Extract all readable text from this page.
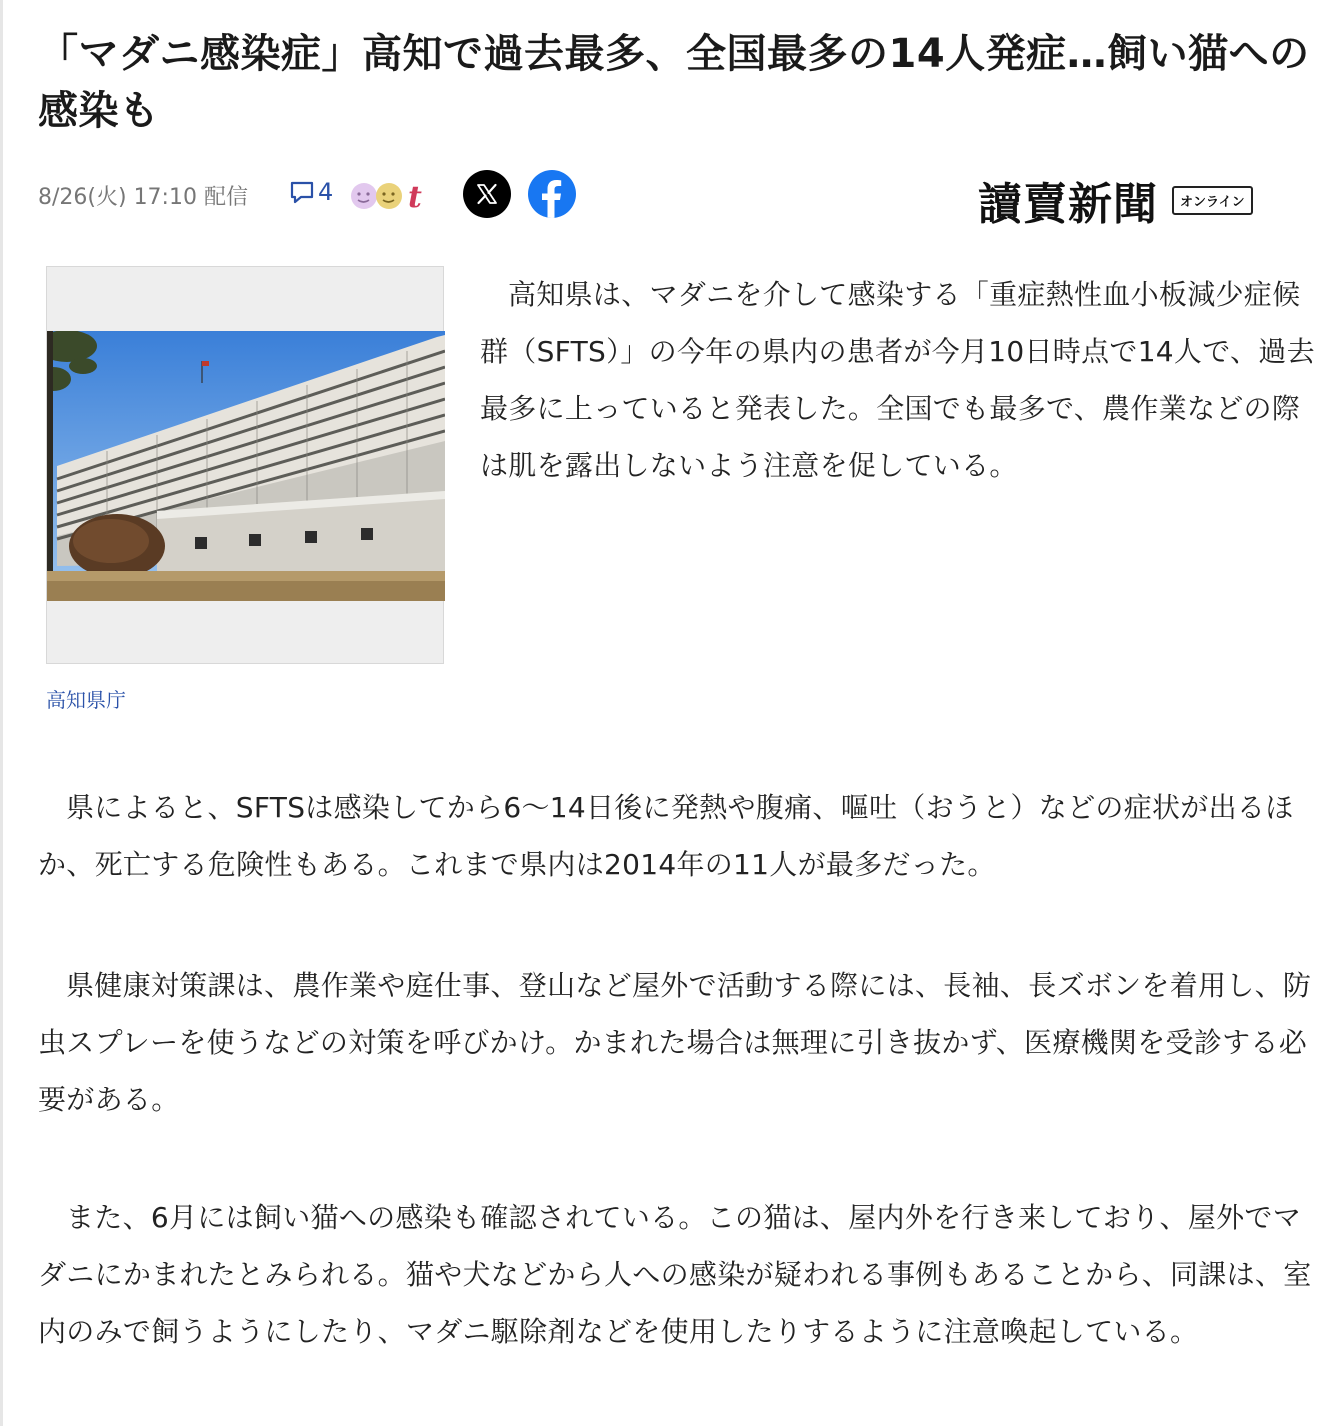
「マダニ感染症」高知で過去最多、全国最多の14人発症…飼い猫への感染も
8/26(火) 17:10 配信	4 t	讀賣新聞	オンライン
高知県庁

高知県は、マダニを介して感染する「重症熱性血小板減少症候群（SFTS）」の今年の県内の患者が今月10日時点で14人で、過去最多に上っていると発表した。全国でも最多で、農作業などの際は肌を露出しないよう注意を促している。

県によると、SFTSは感染してから6～14日後に発熱や腹痛、嘔吐（おうと）などの症状が出るほか、死亡する危険性もある。これまで県内は2014年の11人が最多だった。

県健康対策課は、農作業や庭仕事、登山など屋外で活動する際には、長袖、長ズボンを着用し、防虫スプレーを使うなどの対策を呼びかけ。かまれた場合は無理に引き抜かず、医療機関を受診する必要がある。

また、6月には飼い猫への感染も確認されている。この猫は、屋内外を行き来しており、屋外でマダニにかまれたとみられる。猫や犬などから人への感染が疑われる事例もあることから、同課は、室内のみで飼うようにしたり、マダニ駆除剤などを使用したりするように注意喚起している。
